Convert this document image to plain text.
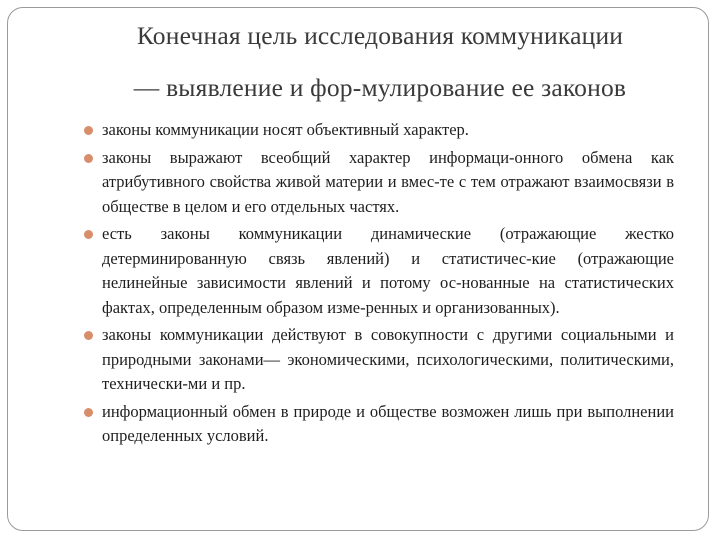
Конечная цель исследования коммуникации
— выявление и фор-мулирование ее законов
законы коммуникации носят объективный характер.
законы выражают всеобщий характер информаци-онного обмена как атрибутивного свойства живой материи и вмес-те с тем отражают взаимосвязи в обществе в целом и его отдельных частях.
есть законы коммуникации динамические (отражающие жестко детерминированную связь явлений) и статистичес-кие (отражающие нелинейные зависимости явлений и потому ос-нованные на статистических фактах, определенным образом изме-ренных и организованных).
законы коммуникации действуют в совокупности с другими социальными и природными законами— экономическими, психологическими, политическими, технически-ми и пр.
информационный обмен в природе и обществе возможен лишь при выполнении определенных условий.
